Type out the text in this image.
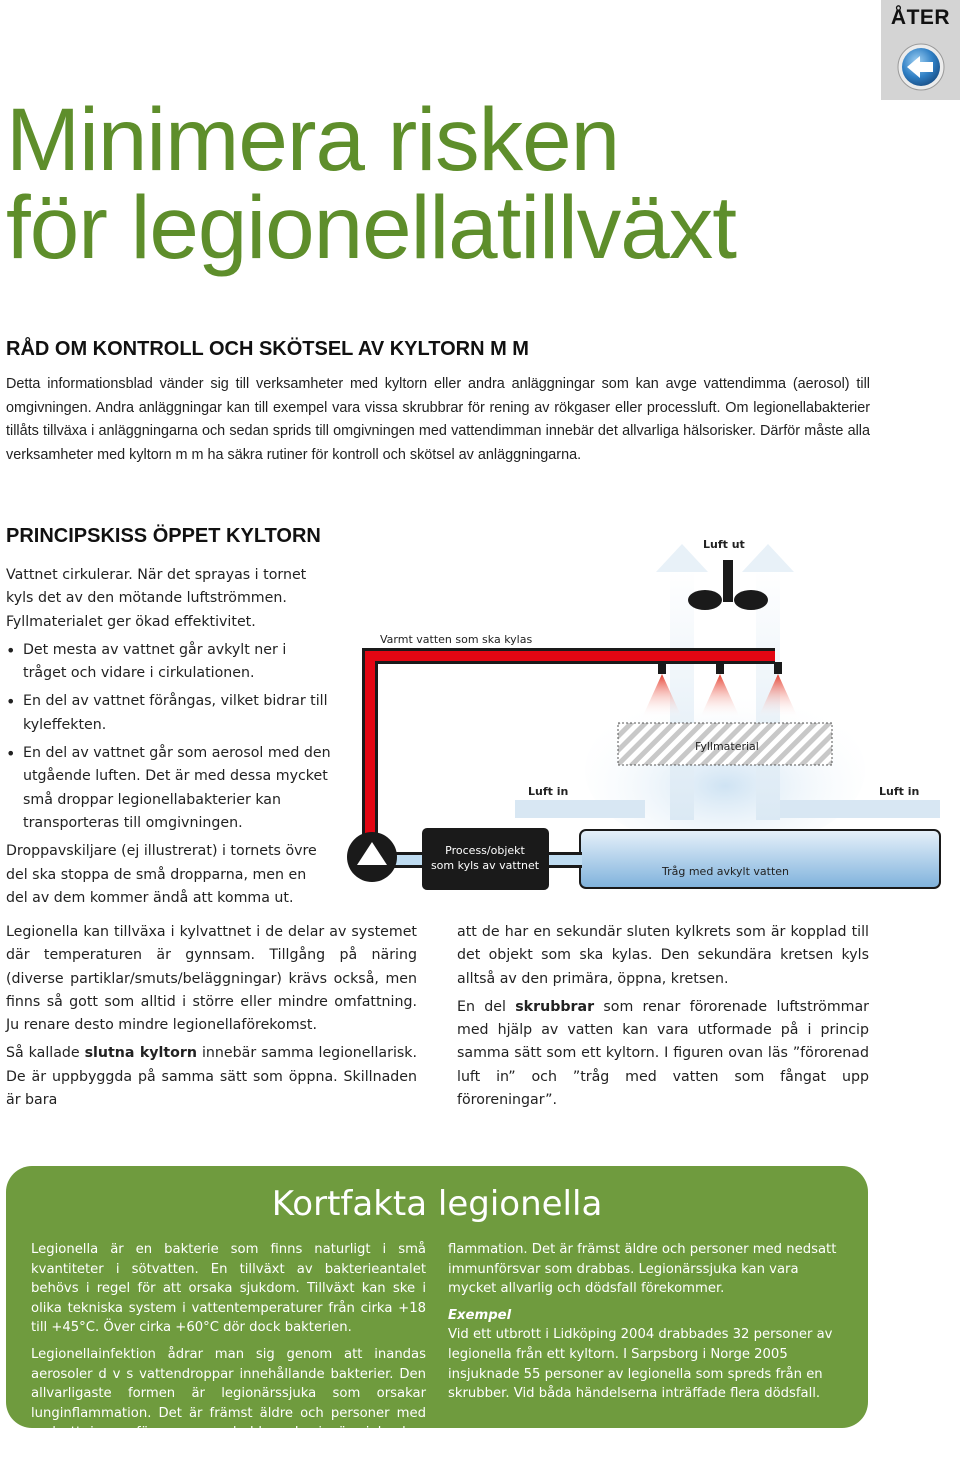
ÅTER
Minimera risken
för legionellatillväxt
RÅD OM KONTROLL OCH SKÖTSEL AV KYLTORN M M
Detta informationsblad vänder sig till verksamheter med kyltorn eller andra anläggningar som kan avge vattendimma (aerosol) till omgivningen. Andra anläggningar kan till exempel vara vissa skrubbrar för rening av rökgaser eller processluft. Om legionellabakterier tillåts tillväxa i anläggningarna och sedan sprids till omgivningen med vattendimman innebär det allvarliga hälsorisker. Därför måste alla verksamheter med kyltorn m m ha säkra rutiner för kontroll och skötsel av anläggningarna.
PRINCIPSKISS ÖPPET KYLTORN

Vattnet cirkulerar. När det sprayas i tornet kyls det av den mötande luftströmmen. Fyllmaterialet ger ökad effektivitet.

• Det mesta av vattnet går avkylt ner i tråget och vidare i cirkulationen.
• En del av vattnet förångas, vilket bidrar till kyleffekten.
• En del av vattnet går som aerosol med den utgående luften. Det är med dessa mycket små droppar legionellabakterier kan transporteras till omgivningen.

Droppavskiljare (ej illustrerat) i tornets övre del ska stoppa de små dropparna, men en del av dem kommer ändå att komma ut.

Luft ut
Varmt vatten som ska kylas
Fyllmaterial
Luft in	Luft in
Process/objekt
som kyls av vattnet	Tråg med avkylt vatten

Legionella kan tillväxa i kylvattnet i de delar av systemet där temperaturen är gynnsam. Tillgång på näring (diverse partiklar/smuts/beläggningar) krävs också, men finns så gott som alltid i större eller mindre omfattning. Ju renare desto mindre legionellaförekomst.

Så kallade slutna kyltorn innebär samma legionellarisk. De är uppbyggda på samma sätt som öppna. Skillnaden är bara

att de har en sekundär sluten kylkrets som är kopplad till det objekt som ska kylas. Den sekundära kretsen kyls alltså av den primära, öppna, kretsen.

En del skrubbrar som renar förorenade luftströmmar med hjälp av vatten kan vara utformade på i princip samma sätt som ett kyltorn. I figuren ovan läs ”förorenad luft in” och ”tråg med vatten som fångat upp föroreningar”.

Kortfakta legionella

Legionella är en bakterie som finns naturligt i små kvantiteter i sötvatten. En tillväxt av bakterieantalet behövs i regel för att orsaka sjukdom. Tillväxt kan ske i olika tekniska system i vattentemperaturer från cirka +18 till +45°C. Över cirka +60°C dör dock bakterien.

Legionellainfektion ådrar man sig genom att inandas aerosoler d v s vattendroppar innehållande bakterier. Den allvarligaste formen är legionärssjuka som orsakar lunginflammation. Det är främst äldre och personer med nedsatt immunförsvar som drabbas. Legionärssjuka kan vara mycket allvarlig och dödsfall förekommer.

flammation. Det är främst äldre och personer med nedsatt immunförsvar som drabbas. Legionärssjuka kan vara mycket allvarlig och dödsfall förekommer.

Exempel

Vid ett utbrott i Lidköping 2004 drabbades 32 personer av legionella från ett kyltorn. I Sarpsborg i Norge 2005 insjuknade 55 personer av legionella som spreds från en skrubber. Vid båda händelserna inträffade flera dödsfall.
